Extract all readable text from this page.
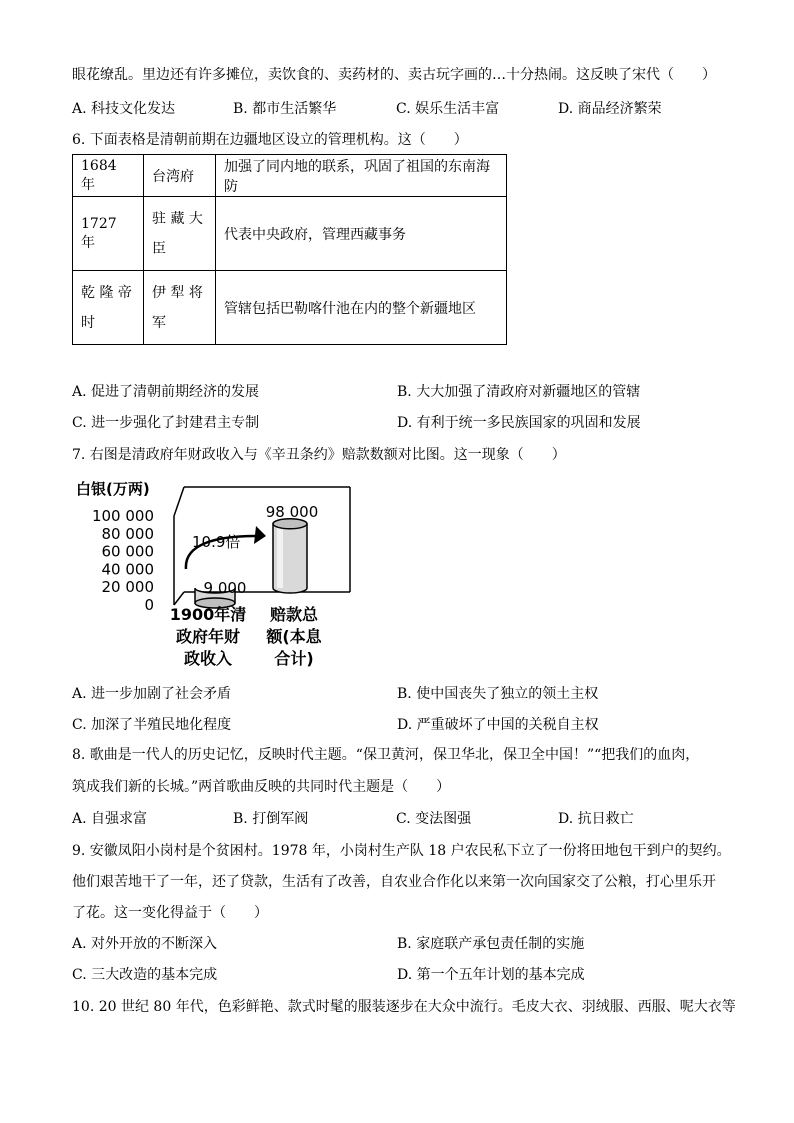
眼花缭乱。里边还有许多摊位，卖饮食的、卖药材的、卖古玩字画的…十分热闹。这反映了宋代（　　）
A. 科技文化发达	B. 都市生活繁华	C. 娱乐生活丰富	D. 商品经济繁荣
6. 下面表格是清朝前期在边疆地区设立的管理机构。这（　　）
1684 年	台湾府	加强了同内地的联系，巩固了祖国的东南海防
1727 年	驻 藏 大 臣	代表中央政府，管理西藏事务
乾 隆 帝 时	伊 犁 将 军	管辖包括巴勒喀什池在内的整个新疆地区
A. 促进了清朝前期经济的发展	B. 大大加强了清政府对新疆地区的管辖
C. 进一步强化了封建君主专制	D. 有利于统一多民族国家的巩固和发展
7. 右图是清政府年财政收入与《辛丑条约》赔款数额对比图。这一现象（　　）
白银(万两)
100 000
80 000
60 000
40 000
20 000
0
9 000
98 000
10.9倍
1900年清
政府年财
政收入
赔款总
额(本息
合计)
A. 进一步加剧了社会矛盾	B. 使中国丧失了独立的领土主权
C. 加深了半殖民地化程度	D. 严重破坏了中国的关税自主权
8. 歌曲是一代人的历史记忆，反映时代主题。“保卫黄河，保卫华北，保卫全中国！”“把我们的血肉，
筑成我们新的长城。”两首歌曲反映的共同时代主题是（　　）
A. 自强求富	B. 打倒军阀	C. 变法图强	D. 抗日救亡
9. 安徽凤阳小岗村是个贫困村。1978 年，小岗村生产队 18 户农民私下立了一份将田地包干到户的契约。
他们艰苦地干了一年，还了贷款，生活有了改善，自农业合作化以来第一次向国家交了公粮，打心里乐开
了花。这一变化得益于（　　）
A. 对外开放的不断深入	B. 家庭联产承包责任制的实施
C. 三大改造的基本完成	D. 第一个五年计划的基本完成
10. 20 世纪 80 年代，色彩鲜艳、款式时髦的服装逐步在大众中流行。毛皮大衣、羽绒服、西服、呢大衣等
